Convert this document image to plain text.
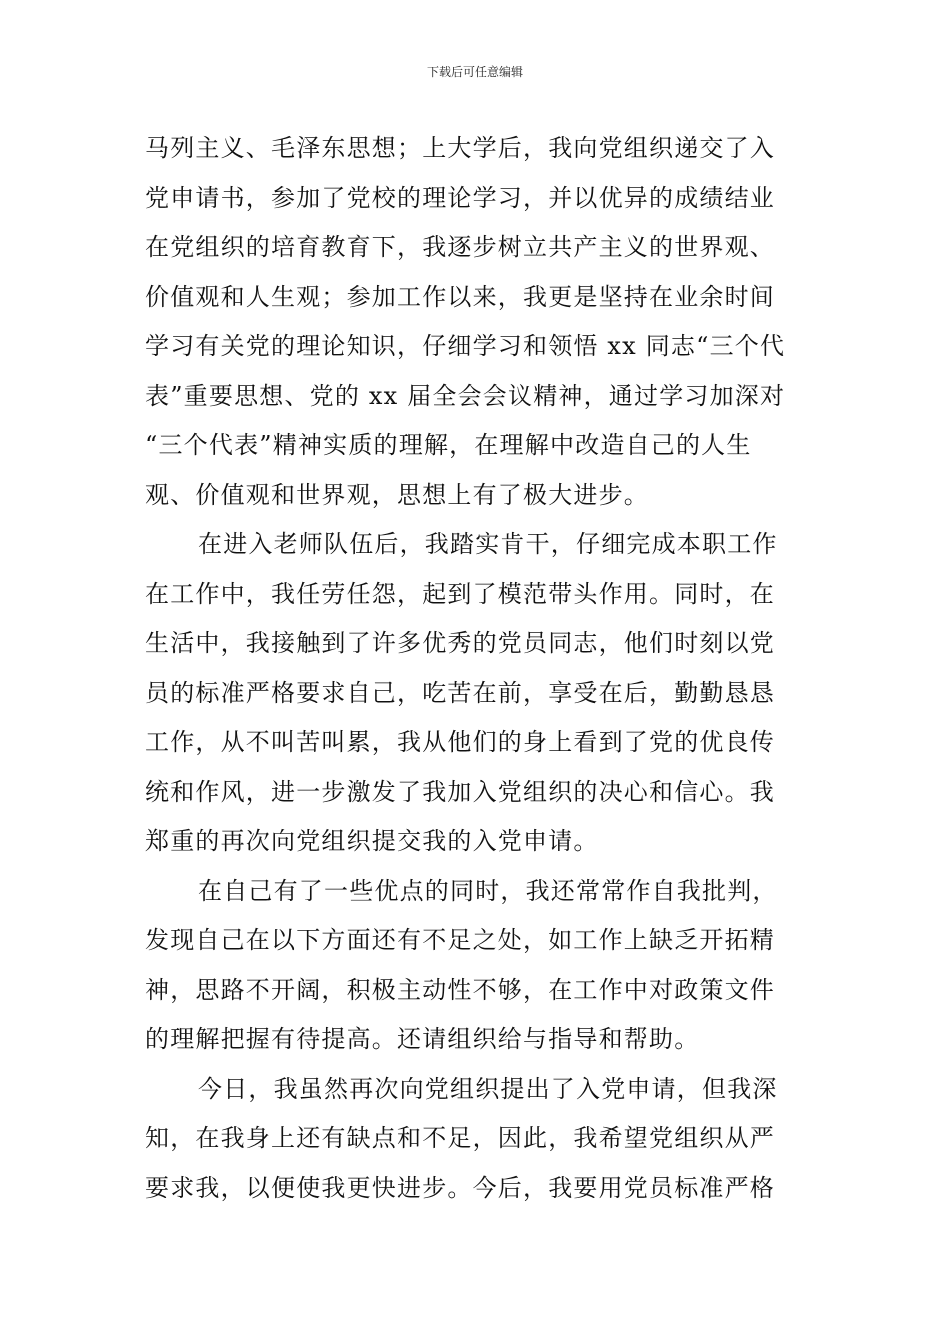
下载后可任意编辑
马列主义、毛泽东思想；上大学后，我向党组织递交了入
党申请书，参加了党校的理论学习，并以优异的成绩结业
在党组织的培育教育下，我逐步树立共产主义的世界观、
价值观和人生观；参加工作以来，我更是坚持在业余时间
学习有关党的理论知识，仔细学习和领悟 xx 同志“三个代
表”重要思想、党的 xx 届全会会议精神，通过学习加深对
“三个代表”精神实质的理解，在理解中改造自己的人生
观、价值观和世界观，思想上有了极大进步。
在进入老师队伍后，我踏实肯干，仔细完成本职工作
在工作中，我任劳任怨，起到了模范带头作用。同时，在
生活中，我接触到了许多优秀的党员同志，他们时刻以党
员的标准严格要求自己，吃苦在前，享受在后，勤勤恳恳
工作，从不叫苦叫累，我从他们的身上看到了党的优良传
统和作风，进一步激发了我加入党组织的决心和信心。我
郑重的再次向党组织提交我的入党申请。
在自己有了一些优点的同时，我还常常作自我批判，
发现自己在以下方面还有不足之处，如工作上缺乏开拓精
神，思路不开阔，积极主动性不够，在工作中对政策文件
的理解把握有待提高。还请组织给与指导和帮助。
今日，我虽然再次向党组织提出了入党申请，但我深
知，在我身上还有缺点和不足，因此，我希望党组织从严
要求我，以便使我更快进步。今后，我要用党员标准严格
